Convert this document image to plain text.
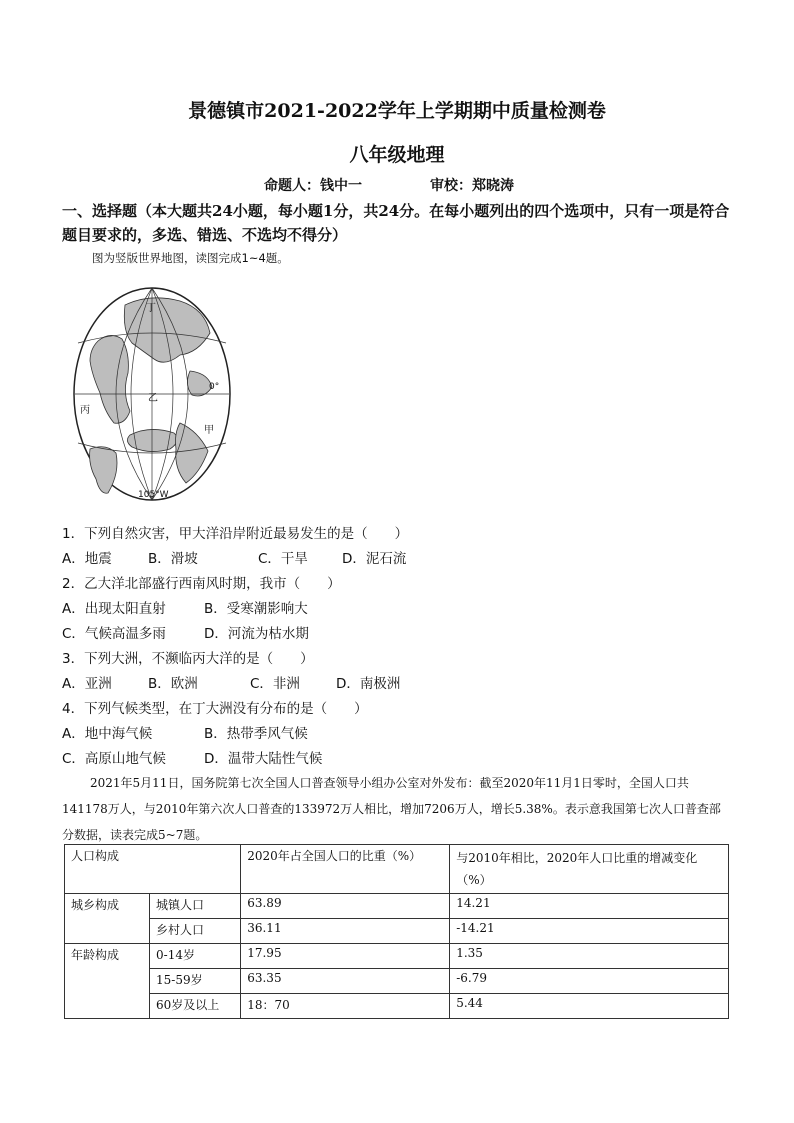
景德镇市2021-2022学年上学期期中质量检测卷
八年级地理
命题人：钱中一	审校：郑晓涛
一、选择题（本大题共24小题，每小题1分，共24分。在每小题列出的四个选项中，只有一项是符合题目要求的，多选、错选、不选均不得分）
图为竖版世界地图，读图完成1~4题。
丁
乙
丙
甲
0°
105°W
1．下列自然灾害，甲大洋沿岸附近最易发生的是（　　）
A．地震	B．滑坡	C．干旱	D．泥石流
2．乙大洋北部盛行西南风时期，我市（　　）
A．出现太阳直射	B．受寒潮影响大
C．气候高温多雨	D．河流为枯水期
3．下列大洲，不濒临丙大洋的是（　　）
A．亚洲	B．欧洲	C．非洲	D．南极洲
4．下列气候类型，在丁大洲没有分布的是（　　）
A．地中海气候	B．热带季风气候
C．高原山地气候	D．温带大陆性气候
2021年5月11日，国务院第七次全国人口普查领导小组办公室对外发布：截至2020年11月1日零时，全国人口共141178万人，与2010年第六次人口普查的133972万人相比，增加7206万人，增长5.38%。表示意我国第七次人口普查部分数据，读表完成5~7题。
人口构成		2020年占全国人口的比重（%）	与2010年相比，2020年人口比重的增减变化（%）
城乡构成	城镇人口	63.89	14.21
	乡村人口	36.11	-14.21
年龄构成	0-14岁	17.95	1.35
	15-59岁	63.35	-6.79
	60岁及以上	18：70	5.44
